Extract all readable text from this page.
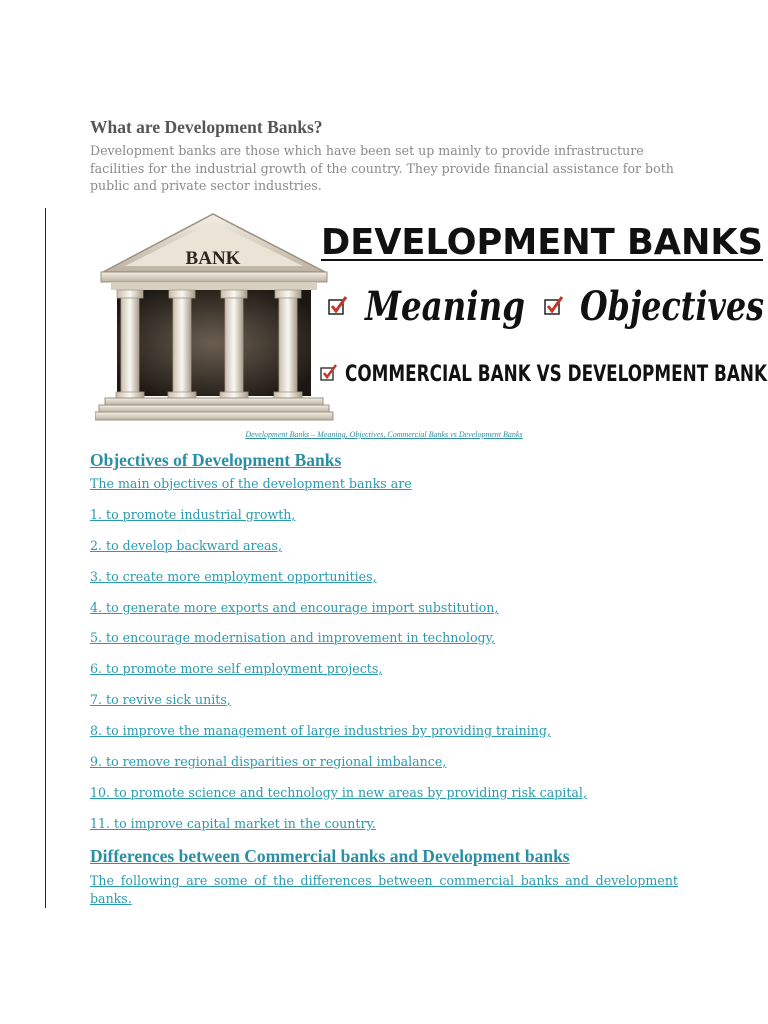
What are Development Banks?

Development banks are those which have been set up mainly to provide infrastructure facilities for the industrial growth of the country. They provide financial assistance for both public and private sector industries.

BANK DEVELOPMENT BANKS
Meaning Objectives
COMMERCIAL BANK VS DEVELOPMENT BANK
Development Banks – Meaning, Objectives, Commercial Banks vs Development Banks
Objectives of Development Banks
The main objectives of the development banks are
1. to promote industrial growth,
2. to develop backward areas,
3. to create more employment opportunities,
4. to generate more exports and encourage import substitution,
5. to encourage modernisation and improvement in technology,
6. to promote more self employment projects,
7. to revive sick units,
8. to improve the management of large industries by providing training,
9. to remove regional disparities or regional imbalance,
10. to promote science and technology in new areas by providing risk capital,
11. to improve capital market in the country.
Differences between Commercial banks and Development banks

The following are some of the differences between commercial banks and development banks.
